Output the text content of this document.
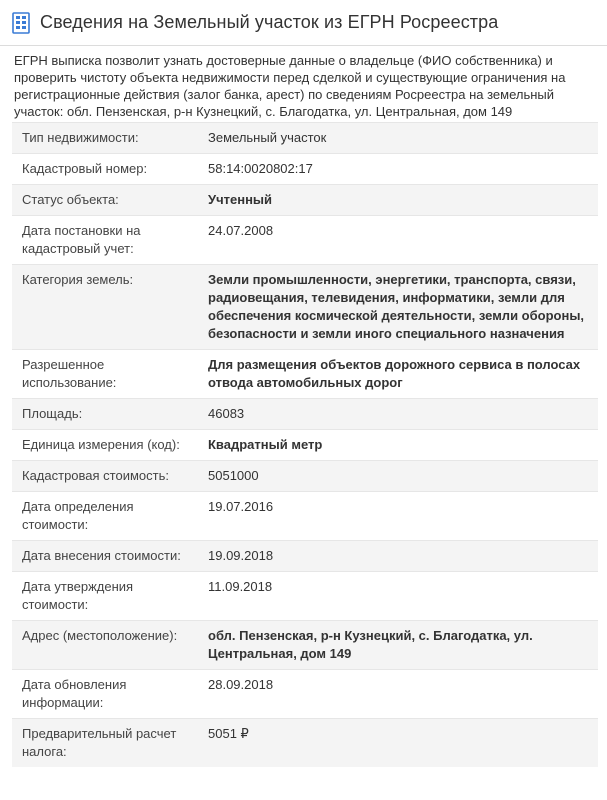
Сведения на Земельный участок из ЕГРН Росреестра

ЕГРН выписка позволит узнать достоверные данные о владельце (ФИО собственника) и проверить чистоту объекта недвижимости перед сделкой и существующие ограничения на регистрационные действия (залог банка, арест) по сведениям Росреестра на земельный участок: обл. Пензенская, р-н Кузнецкий, с. Благодатка, ул. Центральная, дом 149

Тип недвижимости:	Земельный участок
Кадастровый номер:	58:14:0020802:17
Статус объекта:	Учтенный
Дата постановки на кадастровый учет:	24.07.2008
Категория земель:	Земли промышленности, энергетики, транспорта, связи, радиовещания, телевидения, информатики, земли для обеспечения космической деятельности, земли обороны, безопасности и земли иного специального назначения
Разрешенное использование:	Для размещения объектов дорожного сервиса в полосах отвода автомобильных дорог
Площадь:	46083
Единица измерения (код):	Квадратный метр
Кадастровая стоимость:	5051000
Дата определения стоимости:	19.07.2016
Дата внесения стоимости:	19.09.2018
Дата утверждения стоимости:	11.09.2018
Адрес (местоположение):	обл. Пензенская, р-н Кузнецкий, с. Благодатка, ул. Центральная, дом 149
Дата обновления информации:	28.09.2018
Предварительный расчет налога:	5051 ₽
